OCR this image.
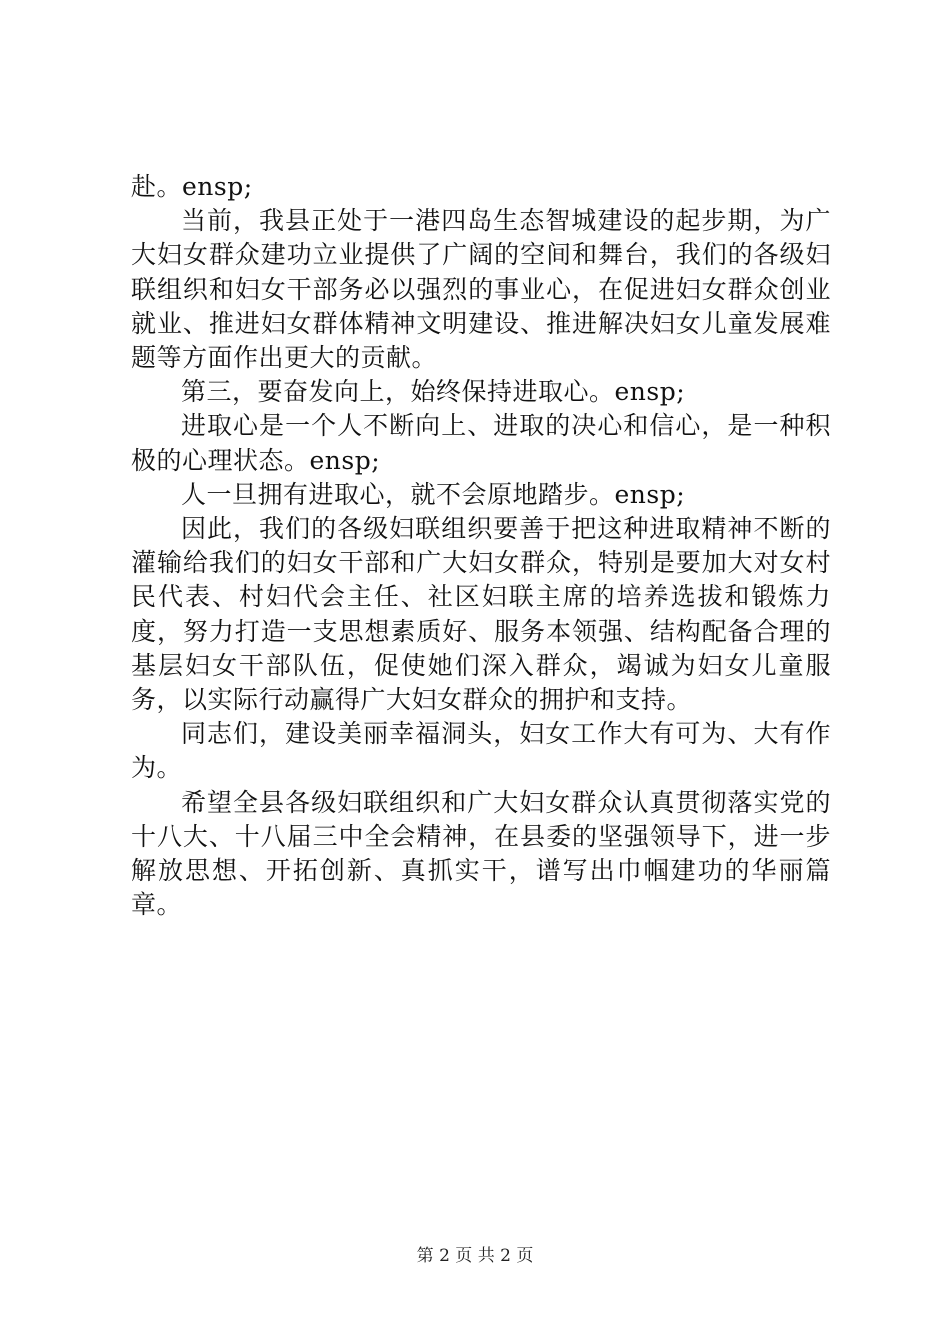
赴。ensp;

当前，我县正处于一港四岛生态智城建设的起步期，为广大妇女群众建功立业提供了广阔的空间和舞台，我们的各级妇联组织和妇女干部务必以强烈的事业心，在促进妇女群众创业就业、推进妇女群体精神文明建设、推进解决妇女儿童发展难题等方面作出更大的贡献。

第三，要奋发向上，始终保持进取心。ensp;

进取心是一个人不断向上、进取的决心和信心，是一种积极的心理状态。ensp;

人一旦拥有进取心，就不会原地踏步。ensp;

因此，我们的各级妇联组织要善于把这种进取精神不断的灌输给我们的妇女干部和广大妇女群众，特别是要加大对女村民代表、村妇代会主任、社区妇联主席的培养选拔和锻炼力度，努力打造一支思想素质好、服务本领强、结构配备合理的基层妇女干部队伍，促使她们深入群众，竭诚为妇女儿童服务，以实际行动赢得广大妇女群众的拥护和支持。

同志们，建设美丽幸福洞头，妇女工作大有可为、大有作为。

希望全县各级妇联组织和广大妇女群众认真贯彻落实党的十八大、十八届三中全会精神，在县委的坚强领导下，进一步解放思想、开拓创新、真抓实干，谱写出巾帼建功的华丽篇章。

第 2 页 共 2 页
